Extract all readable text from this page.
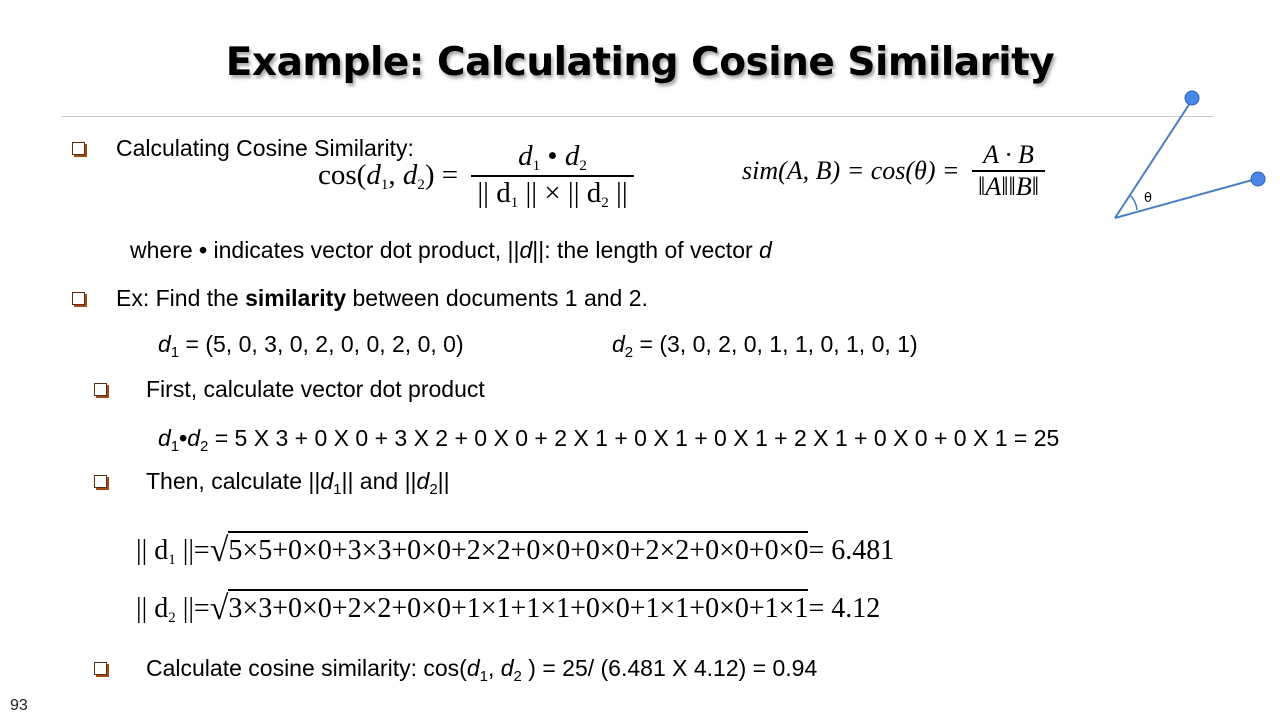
Example: Calculating Cosine Similarity
Calculating Cosine Similarity:
$\cos(d_1$, $d_2) = \frac{d_1 • d_2}{|| d_1 || \times || d_2 ||}$	sim(A, $B) = \cos(\theta) = \frac{A \cdot B}{‖A‖‖B‖}$	θ
where • indicates vector dot product, ||d||: the length of vector d
Ex: Find the similarity between documents 1 and 2.
$d_1 = (5$, 0, 3, 0, 2, 0, 0, 2, 0, 0)	$d_2 = (3$, 0, 2, 0, 1, 1, 0, 1, 0, 1)
First, calculate vector dot product
$d_1•d_2 = 5$ X 3 + 0 X 0 + 3 X 2 + 0 X 0 + 2 X 1 + 0 X 1 + 0 X 1 + 2 X 1 + 0 X 0 + 0 X 1 = 25
Then, calculate $||d_1||$ and $||d_2||$
|| $d_1$ ||=√5×5+0×0+3×3+0×0+2×2+0×0+0×0+2×2+0×0+0×0= 6.481
|| $d_2$ ||=√3×3+0×0+2×2+0×0+1×1+1×1+0×0+1×1+0×0+1×1= 4.12
Calculate cosine similarity: $\cos(d_1$, $d_2$ ) = 25/ (6.481 X 4.12) = 0.94
93
